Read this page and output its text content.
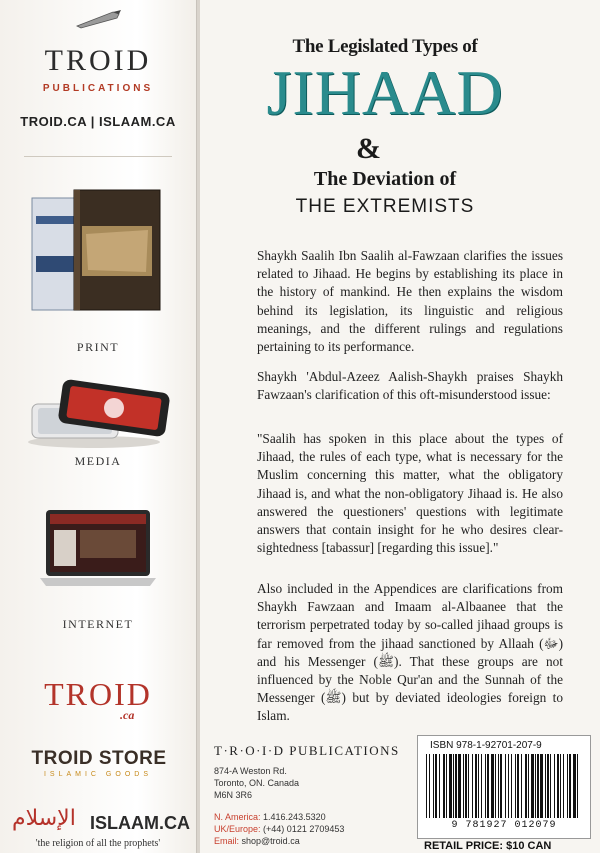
TROID
PUBLICATIONS
TROID.CA | ISLAAM.CA
PRINT
MEDIA
INTERNET
TROID
.ca
TROID STORE
ISLAMIC GOODS
الإسلام ISLAAM.CA
'the religion of all the prophets'
The Legislated Types of
JIHAAD
&
The Deviation of
THE EXTREMISTS
Shaykh Saalih Ibn Saalih al-Fawzaan clarifies the issues related to Jihaad. He begins by establishing its place in the history of mankind. He then explains the wisdom behind its legislation, its linguistic and religious meanings, and the different rulings and regulations pertaining to its performance.
Shaykh 'Abdul-Azeez Aalish-Shaykh praises Shaykh Fawzaan's clarification of this oft-misunderstood issue:
"Saalih has spoken in this place about the types of Jihaad, the rules of each type, what is necessary for the Muslim concerning this matter, what the obligatory Jihaad is, and what the non-obligatory Jihaad is. He also answered the questioners' questions with legitimate answers that contain insight for he who desires clear-sightedness [tabassur] [regarding this issue]."
Also included in the Appendices are clarifications from Shaykh Fawzaan and Imaam al-Albaanee that the terrorism perpetrated today by so-called jihaad groups is far removed from the jihaad sanctioned by Allaah (ﷻ) and his Messenger (ﷺ). That these groups are not influenced by the Noble Qur'an and the Sunnah of the Messenger (ﷺ) but by deviated ideologies foreign to Islam.
T·R·O·I·D PUBLICATIONS
874-A Weston Rd.
Toronto, ON. Canada
M6N 3R6
N. America: 1.416.243.5320
UK/Europe: (+44) 0121 2709453
Email: shop@troid.ca
ISBN 978-1-92701-207-9
9 781927 012079
RETAIL PRICE: $10 CAN
